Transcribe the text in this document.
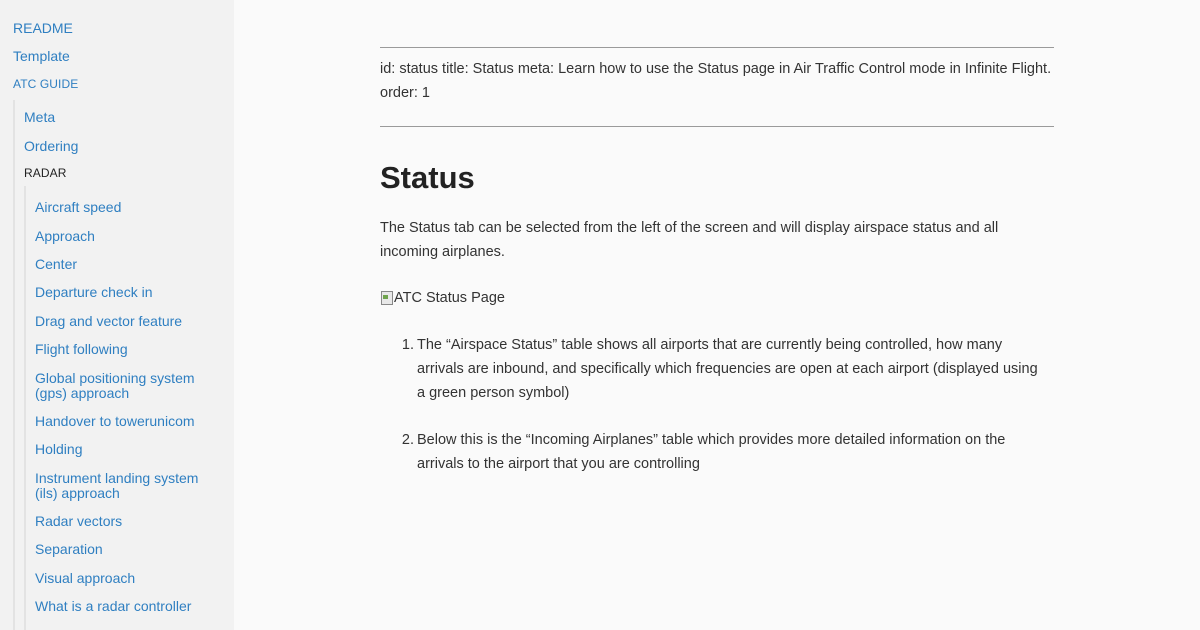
README
Template
ATC GUIDE
Meta
Ordering
RADAR
Aircraft speed
Approach
Center
Departure check in
Drag and vector feature
Flight following
Global positioning system (gps) approach
Handover to towerunicom
Holding
Instrument landing system (ils) approach
Radar vectors
Separation
Visual approach
What is a radar controller

id: status title: Status meta: Learn how to use the Status page in Air Traffic Control mode in Infinite Flight. order: 1

Status

The Status tab can be selected from the left of the screen and will display airspace status and all incoming airplanes.

ATC Status Page
1. The “Airspace Status” table shows all airports that are currently being controlled, how many arrivals are inbound, and specifically which frequencies are open at each airport (displayed using a green person symbol)
2. Below this is the “Incoming Airplanes” table which provides more detailed information on the arrivals to the airport that you are controlling
